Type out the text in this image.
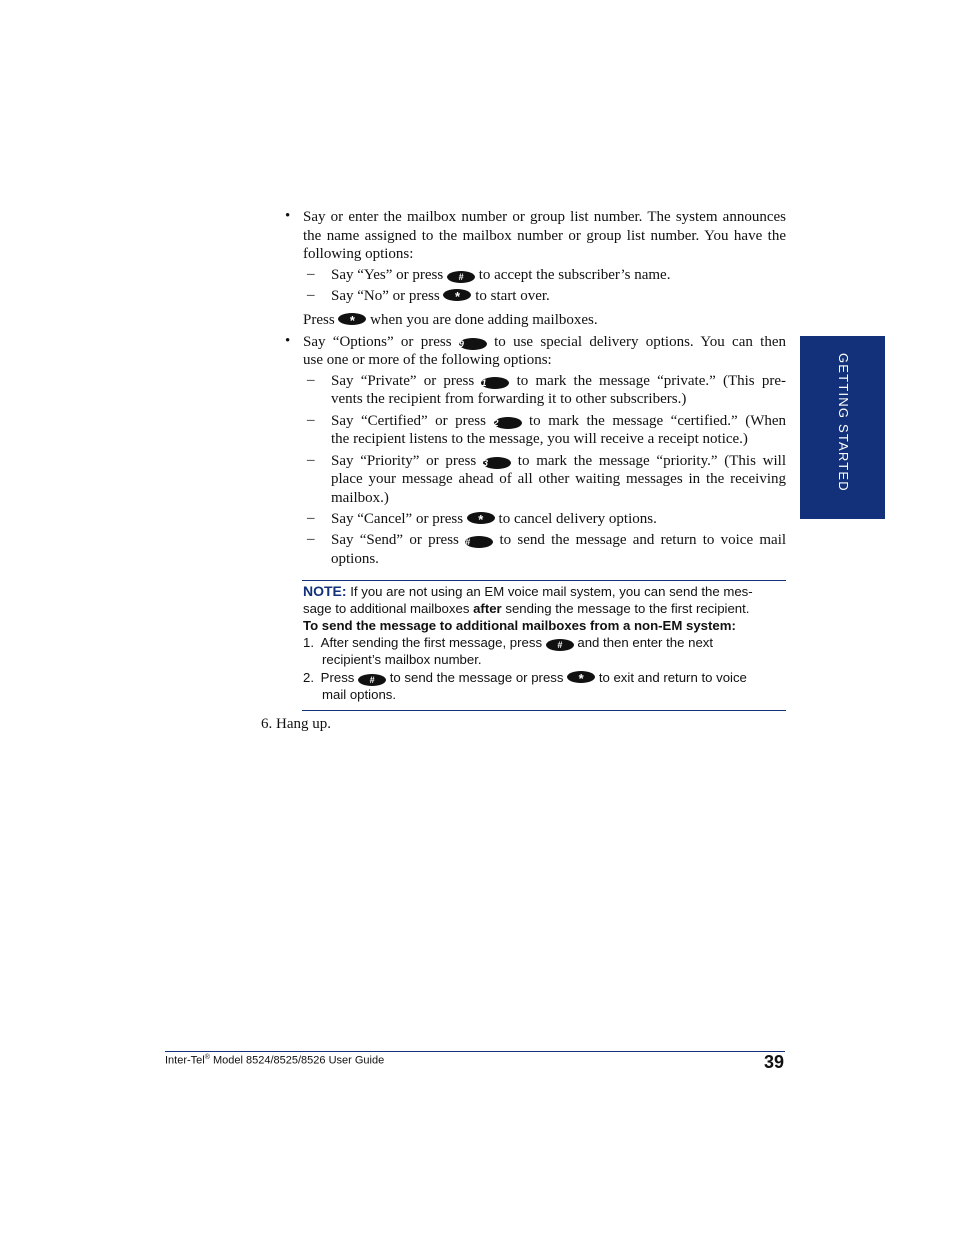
• Say or enter the mailbox number or group list number. The system announces the name assigned to the mailbox number or group list number. You have the following options:
– Say “Yes” or press # to accept the subscriber’s name.
– Say “No” or press * to start over.
Press * when you are done adding mailboxes.
• Say “Options” or press 9 to use special delivery options. You can then
use one or more of the following options:
– Say “Private” or press 1 to mark the message “private.” (This pre-
vents the recipient from forwarding it to other subscribers.)
– Say “Certified” or press 2 to mark the message “certified.” (When
the recipient listens to the message, you will receive a receipt notice.)
– Say “Priority” or press 3 to mark the message “priority.” (This will
place your message ahead of all other waiting messages in the receiving
mailbox.)
– Say “Cancel” or press * to cancel delivery options.
– Say “Send” or press # to send the message and return to voice mail
options.
NOTE: If you are not using an EM voice mail system, you can send the mes-
sage to additional mailboxes after sending the message to the first recipient.
To send the message to additional mailboxes from a non-EM system:
1. After sending the first message, press # and then enter the next
recipient’s mailbox number.
2. Press # to send the message or press * to exit and return to voice
mail options.
6. Hang up.
GETTING STARTED
Inter-Tel® Model 8524/8525/8526 User Guide	39
